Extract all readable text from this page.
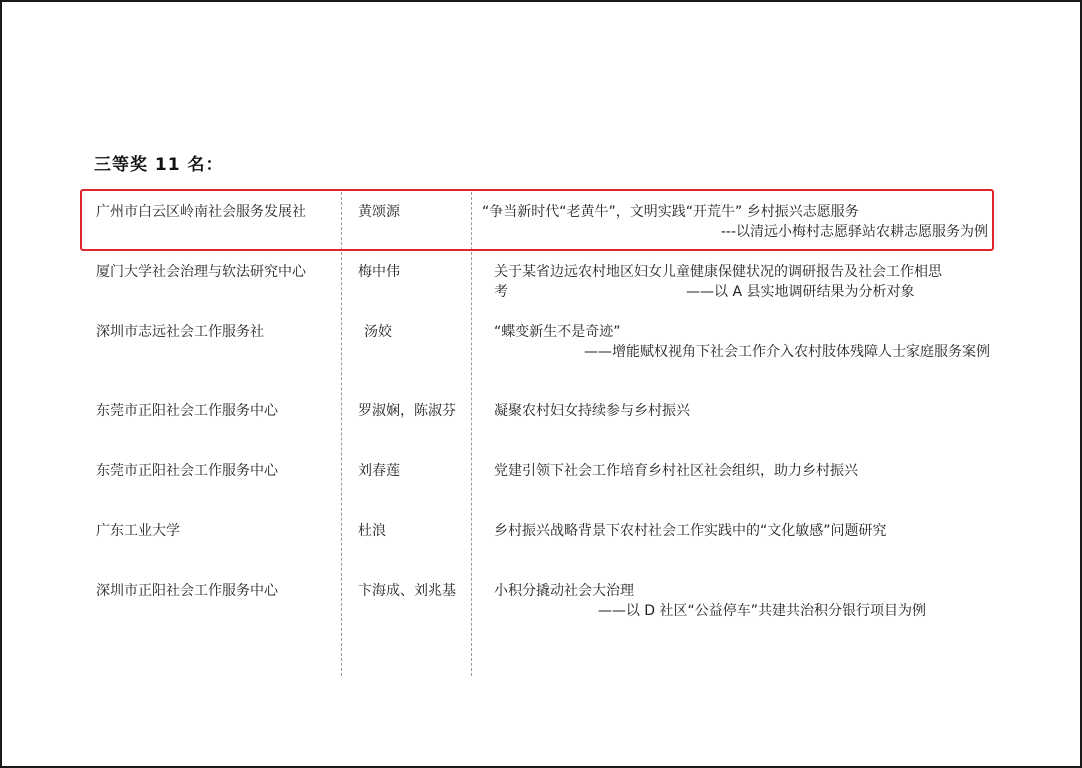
三等奖 11 名：
广州市白云区岭南社会服务发展社	黄颂源	“争当新时代“老黄牛”，文明实践“开荒牛” 乡村振兴志愿服务
---以清远小梅村志愿驿站农耕志愿服务为例
厦门大学社会治理与软法研究中心	梅中伟	关于某省边远农村地区妇女儿童健康保健状况的调研报告及社会工作相思
考	——以 A 县实地调研结果为分析对象
深圳市志远社会工作服务社	汤姣	“蝶变新生不是奇迹”
——增能赋权视角下社会工作介入农村肢体残障人士家庭服务案例
东莞市正阳社会工作服务中心	罗淑娴，陈淑芬	凝聚农村妇女持续参与乡村振兴
东莞市正阳社会工作服务中心	刘春莲	党建引领下社会工作培育乡村社区社会组织，助力乡村振兴
广东工业大学	杜浪	乡村振兴战略背景下农村社会工作实践中的“文化敏感”问题研究
深圳市正阳社会工作服务中心	卞海成、刘兆基	小积分撬动社会大治理
——以 D 社区“公益停车”共建共治积分银行项目为例
